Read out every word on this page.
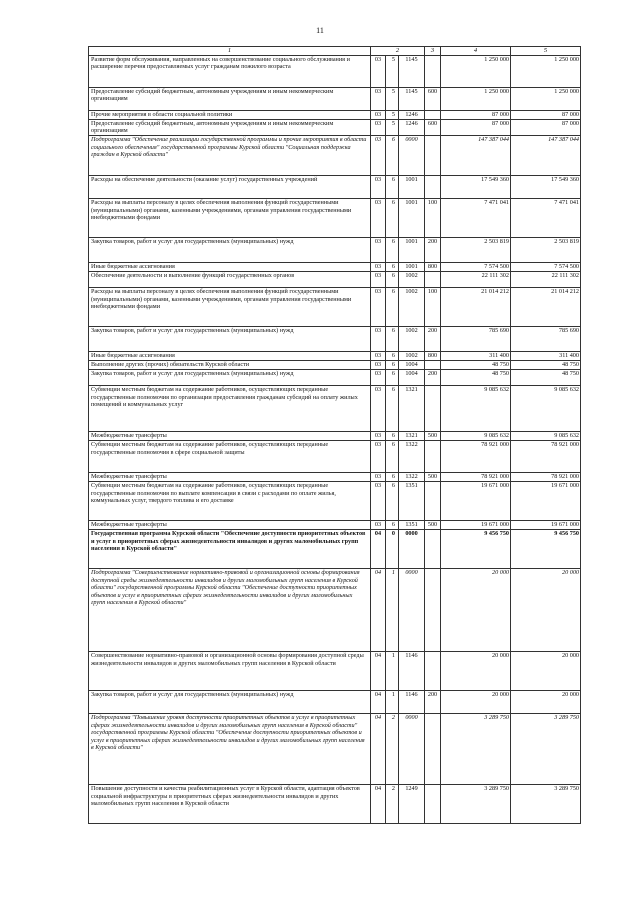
11
1	2			3	4	5
Развитие форм обслуживания, направленных на совершенствование социального обслуживания и расширение перечня предоставляемых услуг гражданам пожилого возраста	03	5	1145		1 250 000	1 250 000
Предоставление субсидий бюджетным, автономным учреждениям и иным некоммерческим организациям	03	5	1145	600	1 250 000	1 250 000
Прочие мероприятия в области социальной политики	03	5	1246		87 000	87 000
Предоставление субсидий бюджетным, автономным учреждениям и иным некоммерческим организациям	03	5	1246	600	87 000	87 000
Подпрограмма "Обеспечение реализации государственной программы и прочие мероприятия в области социального обеспечения" государственной программы Курской области "Социальная поддержка граждан в Курской области"	03	6	0000		147 387 044	147 387 044
Расходы на обеспечение деятельности (оказание услуг) государственных учреждений	03	6	1001		17 549 360	17 549 360
Расходы на выплаты персоналу в целях обеспечения выполнения функций государственными (муниципальными) органами, казенными учреждениями, органами управления государственными внебюджетными фондами	03	6	1001	100	7 471 041	7 471 041
Закупка товаров, работ и услуг для государственных (муниципальных) нужд	03	6	1001	200	2 503 819	2 503 819
Иные бюджетные ассигнования	03	6	1001	800	7 574 500	7 574 500
Обеспечение деятельности и выполнение функций государственных органов	03	6	1002		22 111 302	22 111 302
Расходы на выплаты персоналу в целях обеспечения выполнения функций государственными (муниципальными) органами, казенными учреждениями, органами управления государственными внебюджетными фондами	03	6	1002	100	21 014 212	21 014 212
Закупка товаров, работ и услуг для государственных (муниципальных) нужд	03	6	1002	200	785 690	785 690
Иные бюджетные ассигнования	03	6	1002	800	311 400	311 400
Выполнение других (прочих) обязательств Курской области	03	6	1004		48 750	48 750
Закупка товаров, работ и услуг для государственных (муниципальных) нужд	03	6	1004	200	48 750	48 750
Субвенции местным бюджетам на содержание работников, осуществляющих переданные государственные полномочия по организации предоставления гражданам субсидий на оплату жилых помещений и коммунальных услуг	03	6	1321		9 085 632	9 085 632
Межбюджетные трансферты	03	6	1321	500	9 085 632	9 085 632
Субвенции местным бюджетам на содержание работников, осуществляющих переданные государственные полномочия в сфере социальной защиты	03	6	1322		78 921 000	78 921 000
Межбюджетные трансферты	03	6	1322	500	78 921 000	78 921 000
Субвенции местным бюджетам на содержание работников, осуществляющих переданные государственные полномочия по выплате компенсации в связи с расходами по оплате жилья, коммунальных услуг, твердого топлива и его доставке	03	6	1351		19 671 000	19 671 000
Межбюджетные трансферты	03	6	1351	500	19 671 000	19 671 000
Государственная программа Курской области "Обеспечение доступности приоритетных объектов и услуг в приоритетных сферах жизнедеятельности инвалидов и других маломобильных групп населения в Курской области"	04	0	0000		9 456 750	9 456 750
Подпрограмма "Совершенствование нормативно-правовой и организационной основы формирования доступной среды жизнедеятельности инвалидов и других маломобильных групп населения в Курской области" государственной программы Курской области "Обеспечение доступности приоритетных объектов и услуг в приоритетных сферах жизнедеятельности инвалидов и других маломобильных групп населения в Курской области"	04	1	0000		20 000	20 000
Совершенствование нормативно-правовой и организационной основы формирования доступной среды жизнедеятельности инвалидов и других маломобильных групп населения в Курской области	04	1	1146		20 000	20 000
Закупка товаров, работ и услуг для государственных (муниципальных) нужд	04	1	1146	200	20 000	20 000
Подпрограмма "Повышение уровня доступности приоритетных объектов и услуг в приоритетных сферах жизнедеятельности инвалидов и других маломобильных групп населения в Курской области" государственной программы Курской области "Обеспечение доступности приоритетных объектов и услуг в приоритетных сферах жизнедеятельности инвалидов и других маломобильных групп населения в Курской области"	04	2	0000		3 289 750	3 289 750
Повышение доступности и качества реабилитационных услуг в Курской области, адаптация объектов социальной инфраструктуры в приоритетных сферах жизнедеятельности инвалидов и других маломобильных групп населения в Курской области	04	2	1249		3 289 750	3 289 750
